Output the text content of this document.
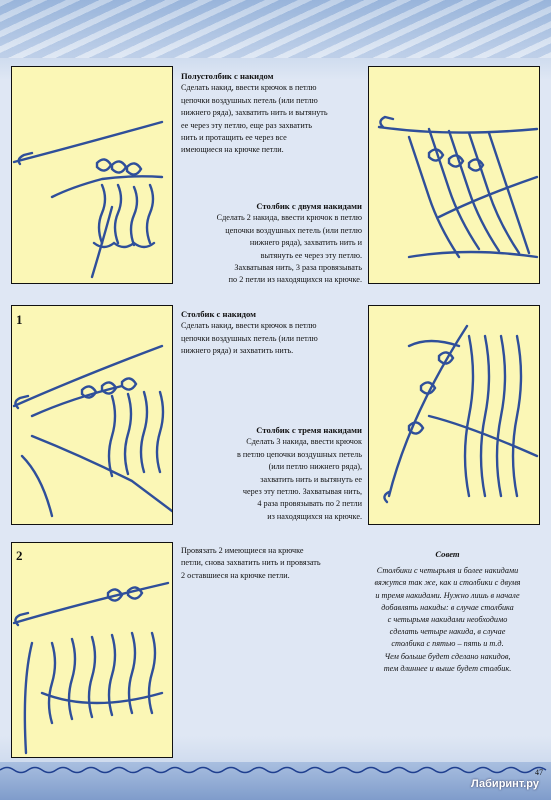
Полустолбик с накидом
Сделать накид, ввести крючок в петлю
цепочки воздушных петель (или петлю
нижнего ряда), захватить нить и вытянуть
ее через эту петлю, еще раз захватить
нить и протащить ее через все
имеющиеся на крючке петли.
Столбик с двумя накидами
Сделать 2 накида, ввести крючок в петлю
цепочки воздушных петель (или петлю
нижнего ряда), захватить нить и
вытянуть ее через эту петлю.
Захватывая нить, 3 раза провязывать
по 2 петли из находящихся на крючке.
1	Столбик с накидом
Сделать накид, ввести крючок в петлю
цепочки воздушных петель (или петлю
нижнего ряда) и захватить нить.
Столбик с тремя накидами
Сделать 3 накида, ввести крючок
в петлю цепочки воздушных петель
(или петлю нижнего ряда),
захватить нить и вытянуть ее
через эту петлю. Захватывая нить,
4 раза провязывать по 2 петли
из находящихся на крючке.
2	Провязать 2 имеющиеся на крючке
петли, снова захватить нить и провязать
2 оставшиеся на крючке петли.
Совет
Столбики с четырьмя и более накидами
вяжутся так же, как и столбики с двумя
и тремя накидами. Нужно лишь в начале
добавлять накиды: в случае столбика
с четырьмя накидами необходимо
сделать четыре накида, в случае
столбика с пятью – пять и т.д.
Чем больше будет сделано накидов,
тем длиннее и выше будет столбик.
47
Лабиринт.ру
